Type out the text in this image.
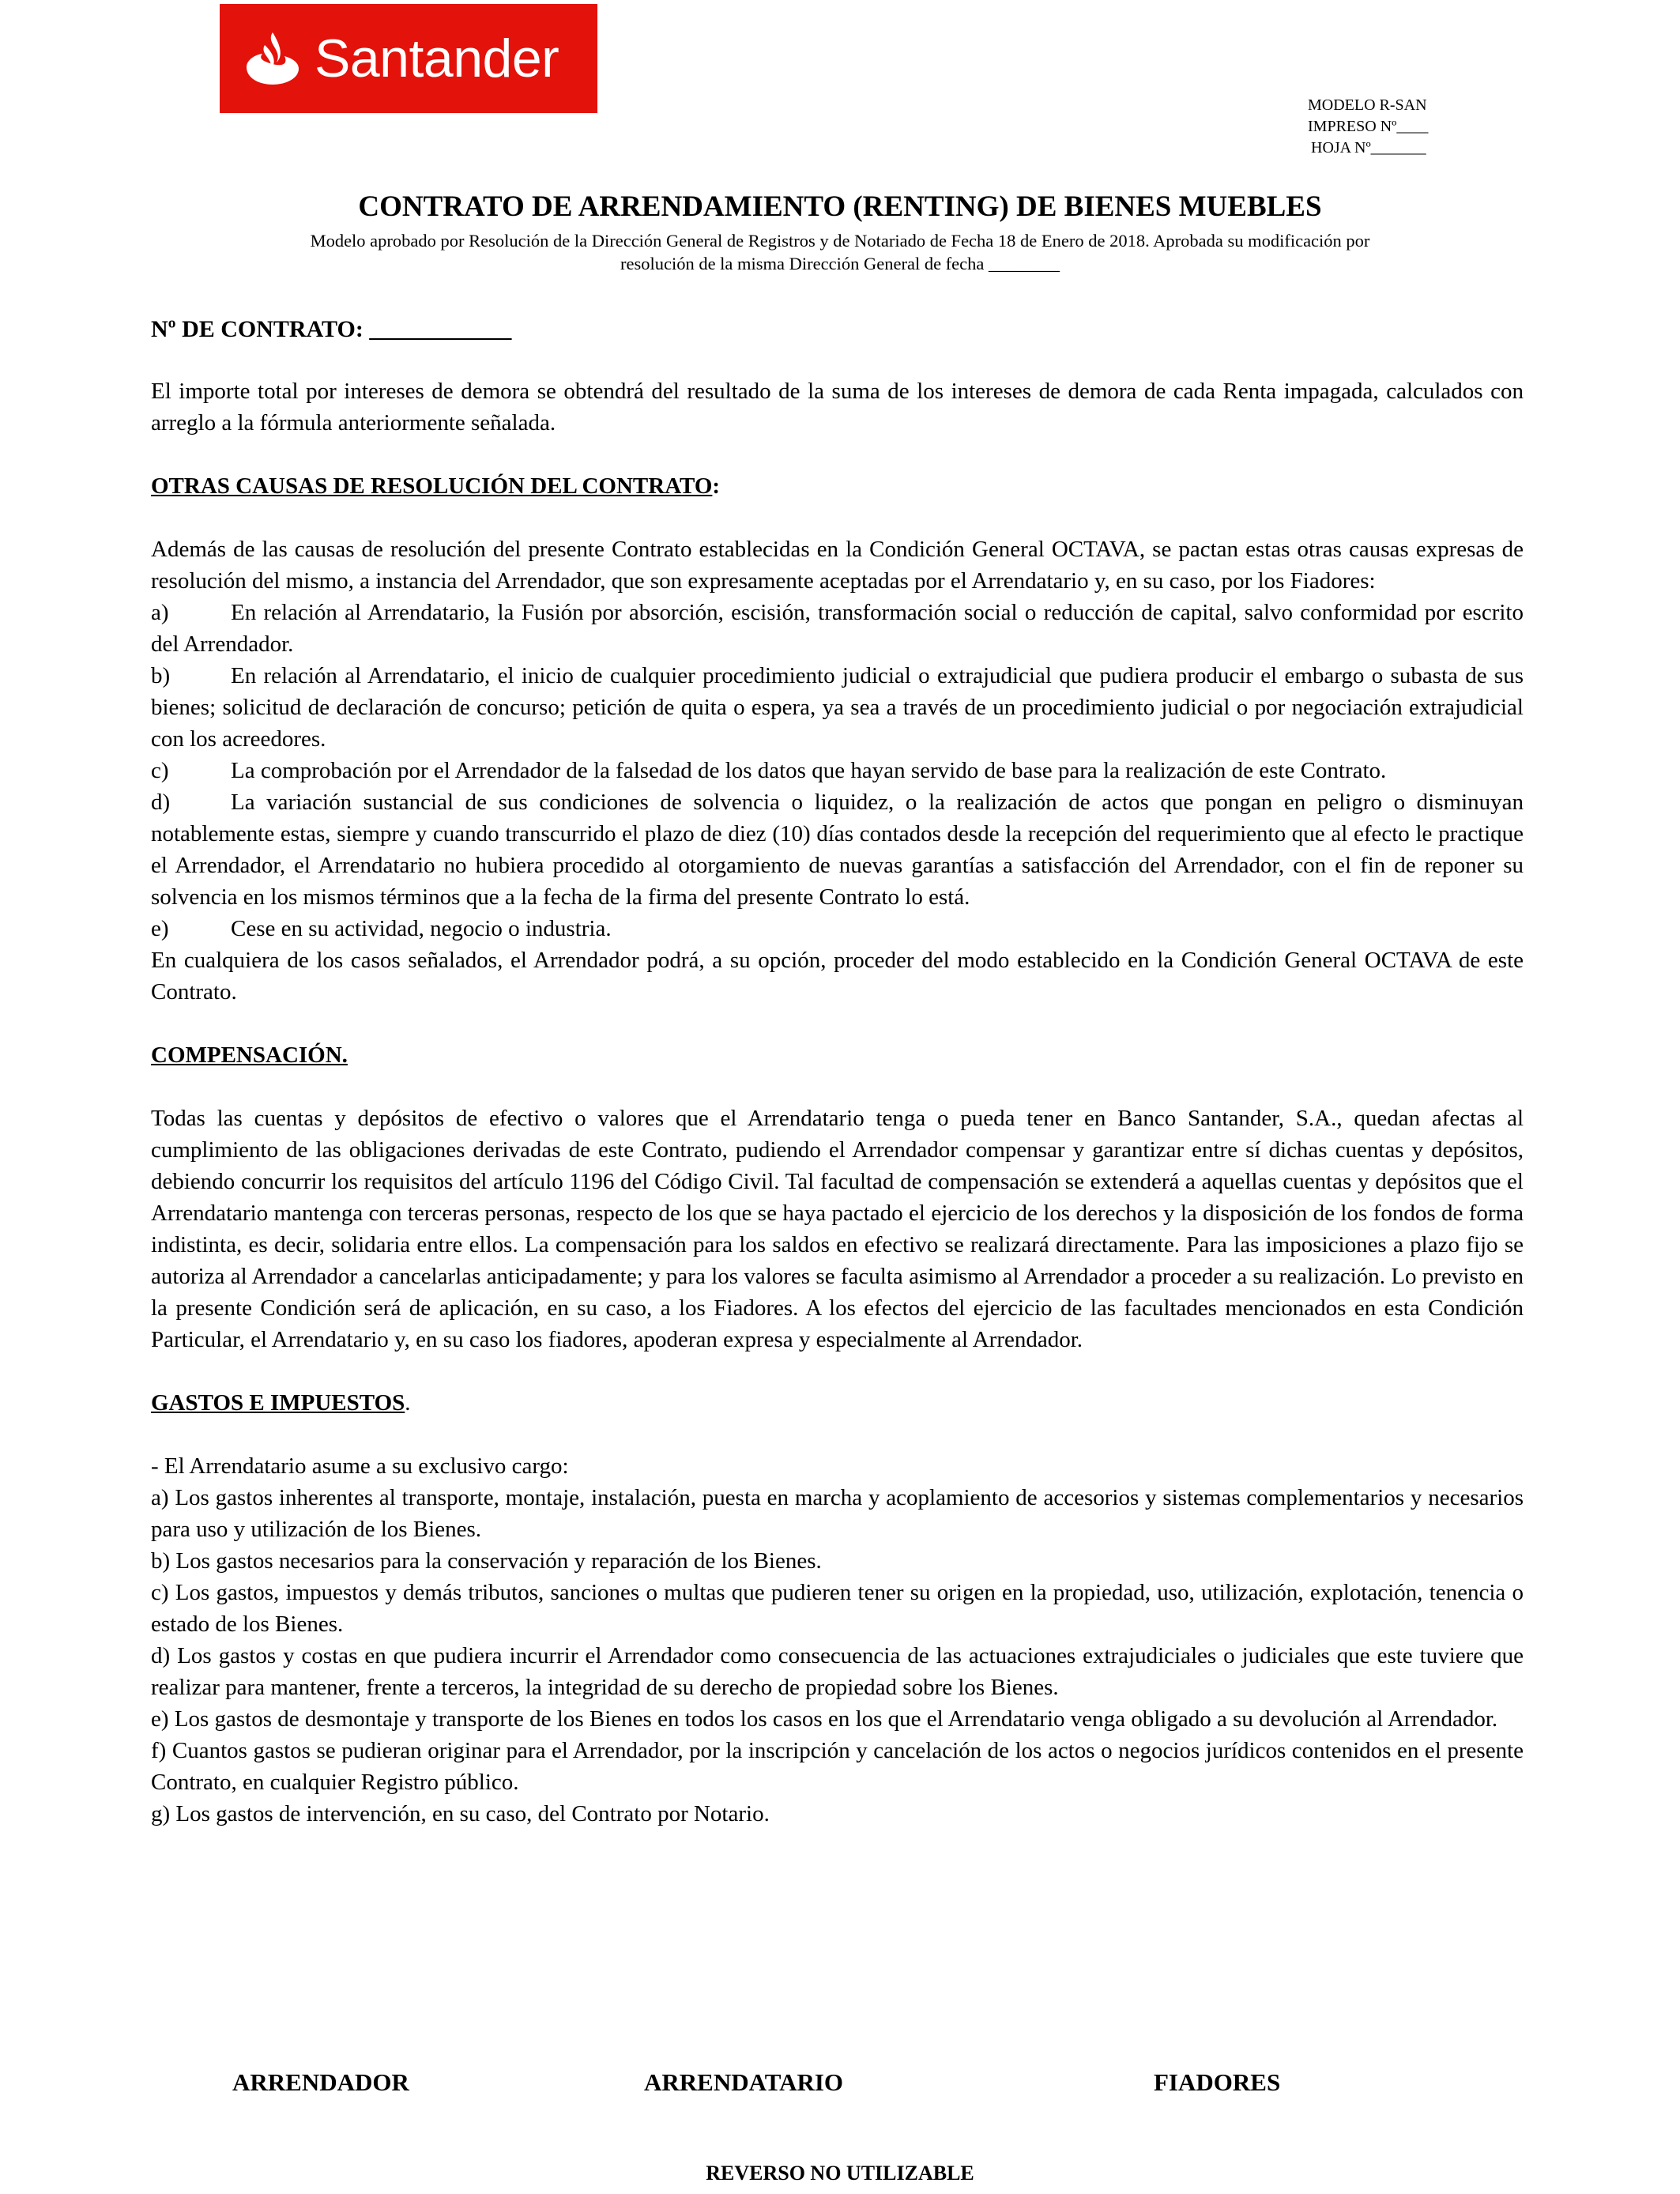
Santander
MODELO R-SAN
IMPRESO Nº____
HOJA Nº_______
CONTRATO DE ARRENDAMIENTO (RENTING) DE BIENES MUEBLES
Modelo aprobado por Resolución de la Dirección General de Registros y de Notariado de Fecha 18 de Enero de 2018. Aprobada su modificación por
resolución de la misma Dirección General de fecha ________
Nº DE CONTRATO: ____________

El importe total por intereses de demora se obtendrá del resultado de la suma de los intereses de demora de cada Renta impagada, calculados con arreglo a la fórmula anteriormente señalada.

OTRAS CAUSAS DE RESOLUCIÓN DEL CONTRATO:

Además de las causas de resolución del presente Contrato establecidas en la Condición General OCTAVA, se pactan estas otras causas expresas de resolución del mismo, a instancia del Arrendador, que son expresamente aceptadas por el Arrendatario y, en su caso, por los Fiadores:

a)	En relación al Arrendatario, la Fusión por absorción, escisión, transformación social o reducción de capital, salvo conformidad por escrito del Arrendador.

b)	En relación al Arrendatario, el inicio de cualquier procedimiento judicial o extrajudicial que pudiera producir el embargo o subasta de sus bienes; solicitud de declaración de concurso; petición de quita o espera, ya sea a través de un procedimiento judicial o por negociación extrajudicial con los acreedores.

c)	La comprobación por el Arrendador de la falsedad de los datos que hayan servido de base para la realización de este Contrato.

d)	La variación sustancial de sus condiciones de solvencia o liquidez, o la realización de actos que pongan en peligro o disminuyan notablemente estas, siempre y cuando transcurrido el plazo de diez (10) días contados desde la recepción del requerimiento que al efecto le practique el Arrendador, el Arrendatario no hubiera procedido al otorgamiento de nuevas garantías a satisfacción del Arrendador, con el fin de reponer su solvencia en los mismos términos que a la fecha de la firma del presente Contrato lo está.

e)	Cese en su actividad, negocio o industria.

En cualquiera de los casos señalados, el Arrendador podrá, a su opción, proceder del modo establecido en la Condición General OCTAVA de este Contrato.

COMPENSACIÓN.

Todas las cuentas y depósitos de efectivo o valores que el Arrendatario tenga o pueda tener en Banco Santander, S.A., quedan afectas al cumplimiento de las obligaciones derivadas de este Contrato, pudiendo el Arrendador compensar y garantizar entre sí dichas cuentas y depósitos, debiendo concurrir los requisitos del artículo 1196 del Código Civil. Tal facultad de compensación se extenderá a aquellas cuentas y depósitos que el Arrendatario mantenga con terceras personas, respecto de los que se haya pactado el ejercicio de los derechos y la disposición de los fondos de forma indistinta, es decir, solidaria entre ellos. La compensación para los saldos en efectivo se realizará directamente. Para las imposiciones a plazo fijo se autoriza al Arrendador a cancelarlas anticipadamente; y para los valores se faculta asimismo al Arrendador a proceder a su realización. Lo previsto en la presente Condición será de aplicación, en su caso, a los Fiadores. A los efectos del ejercicio de las facultades mencionados en esta Condición Particular, el Arrendatario y, en su caso los fiadores, apoderan expresa y especialmente al Arrendador.

GASTOS E IMPUESTOS.

- El Arrendatario asume a su exclusivo cargo:

a) Los gastos inherentes al transporte, montaje, instalación, puesta en marcha y acoplamiento de accesorios y sistemas complementarios y necesarios para uso y utilización de los Bienes.

b) Los gastos necesarios para la conservación y reparación de los Bienes.

c) Los gastos, impuestos y demás tributos, sanciones o multas que pudieren tener su origen en la propiedad, uso, utilización, explotación, tenencia o estado de los Bienes.

d) Los gastos y costas en que pudiera incurrir el Arrendador como consecuencia de las actuaciones extrajudiciales o judiciales que este tuviere que realizar para mantener, frente a terceros, la integridad de su derecho de propiedad sobre los Bienes.

e) Los gastos de desmontaje y transporte de los Bienes en todos los casos en los que el Arrendatario venga obligado a su devolución al Arrendador.

f) Cuantos gastos se pudieran originar para el Arrendador, por la inscripción y cancelación de los actos o negocios jurídicos contenidos en el presente Contrato, en cualquier Registro público.

g) Los gastos de intervención, en su caso, del Contrato por Notario.

ARRENDADOR	ARRENDATARIO	FIADORES
REVERSO NO UTILIZABLE
